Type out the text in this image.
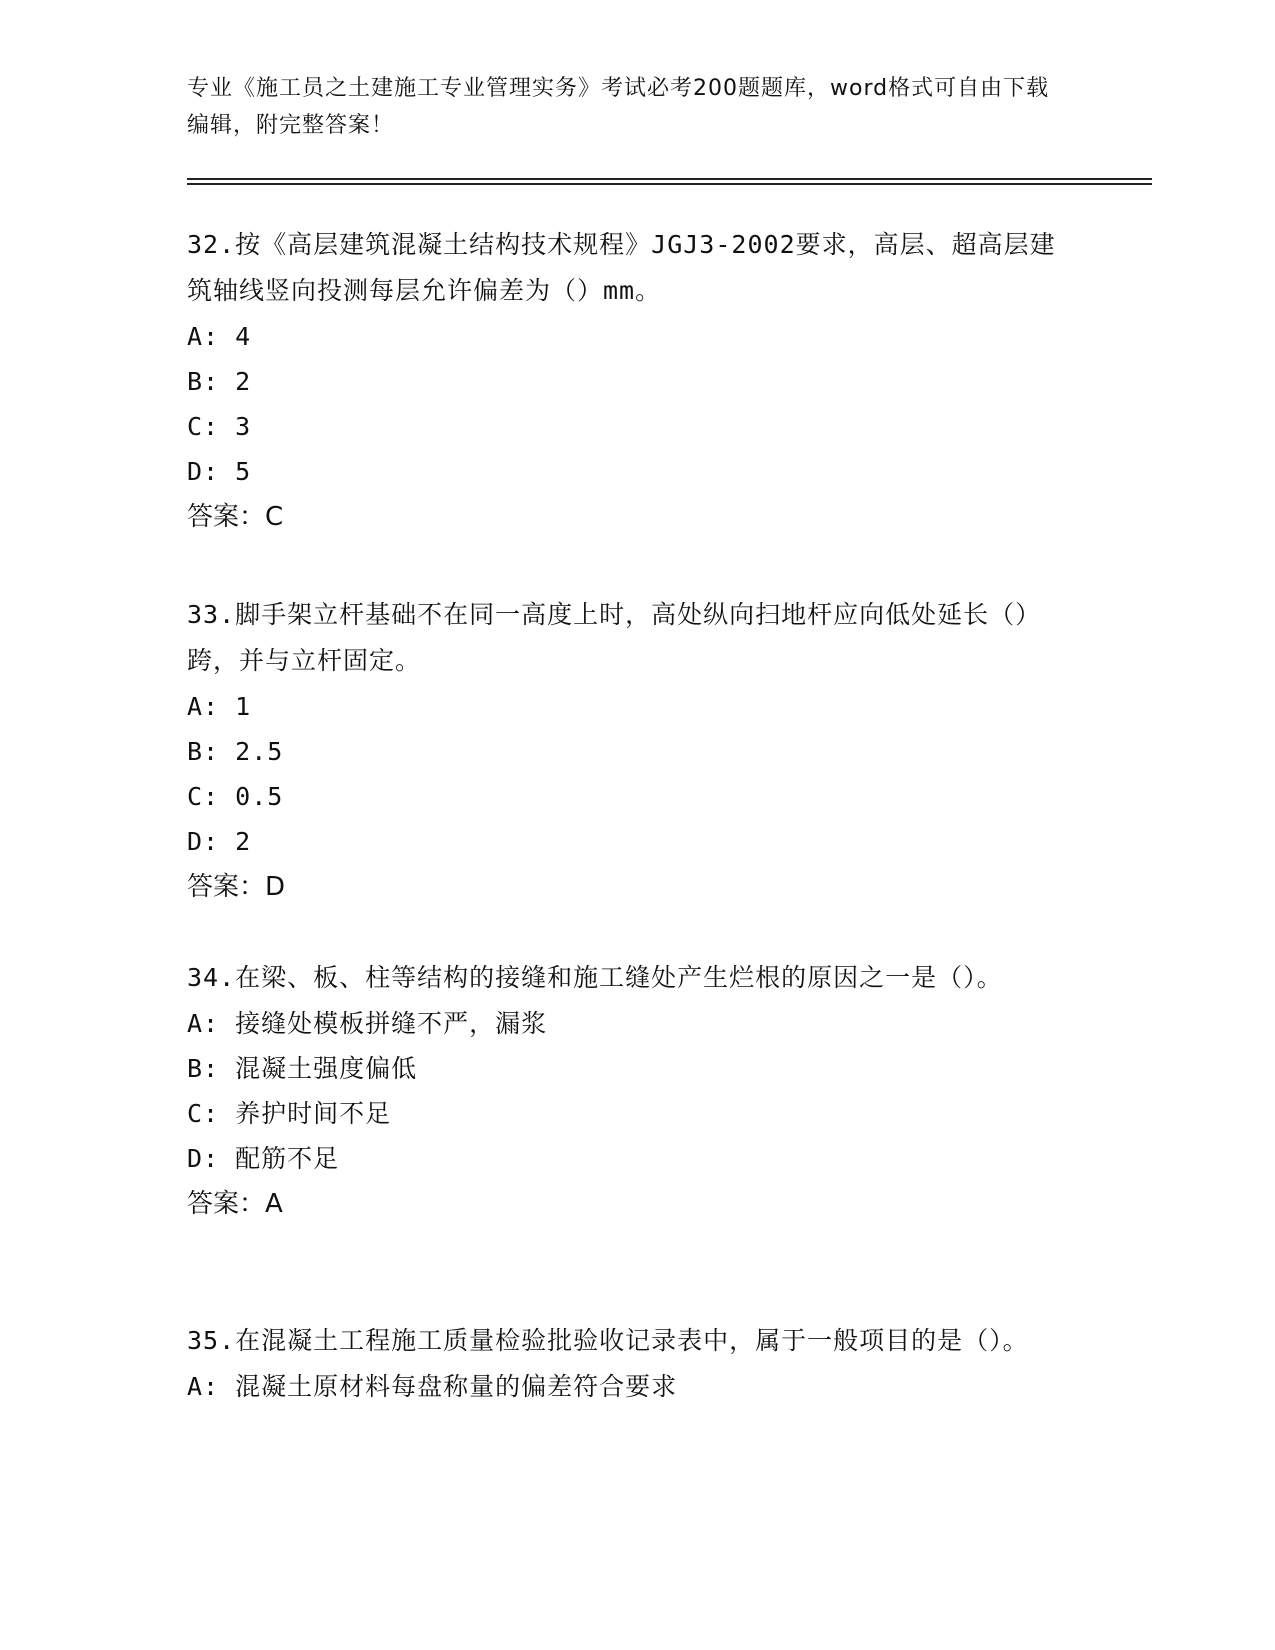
专业《施工员之土建施工专业管理实务》考试必考200题题库，word格式可自由下载编辑，附完整答案！
32.按《高层建筑混凝土结构技术规程》JGJ3-2002要求，高层、超高层建筑轴线竖向投测每层允许偏差为（）mm。
A: 4
B: 2
C: 3
D: 5
答案：C
33.脚手架立杆基础不在同一高度上时，高处纵向扫地杆应向低处延长（）跨，并与立杆固定。
A: 1
B: 2.5
C: 0.5
D: 2
答案：D
34.在梁、板、柱等结构的接缝和施工缝处产生烂根的原因之一是（）。
A: 接缝处模板拼缝不严，漏浆
B: 混凝土强度偏低
C: 养护时间不足
D: 配筋不足
答案：A
35.在混凝土工程施工质量检验批验收记录表中，属于一般项目的是（）。
A: 混凝土原材料每盘称量的偏差符合要求
